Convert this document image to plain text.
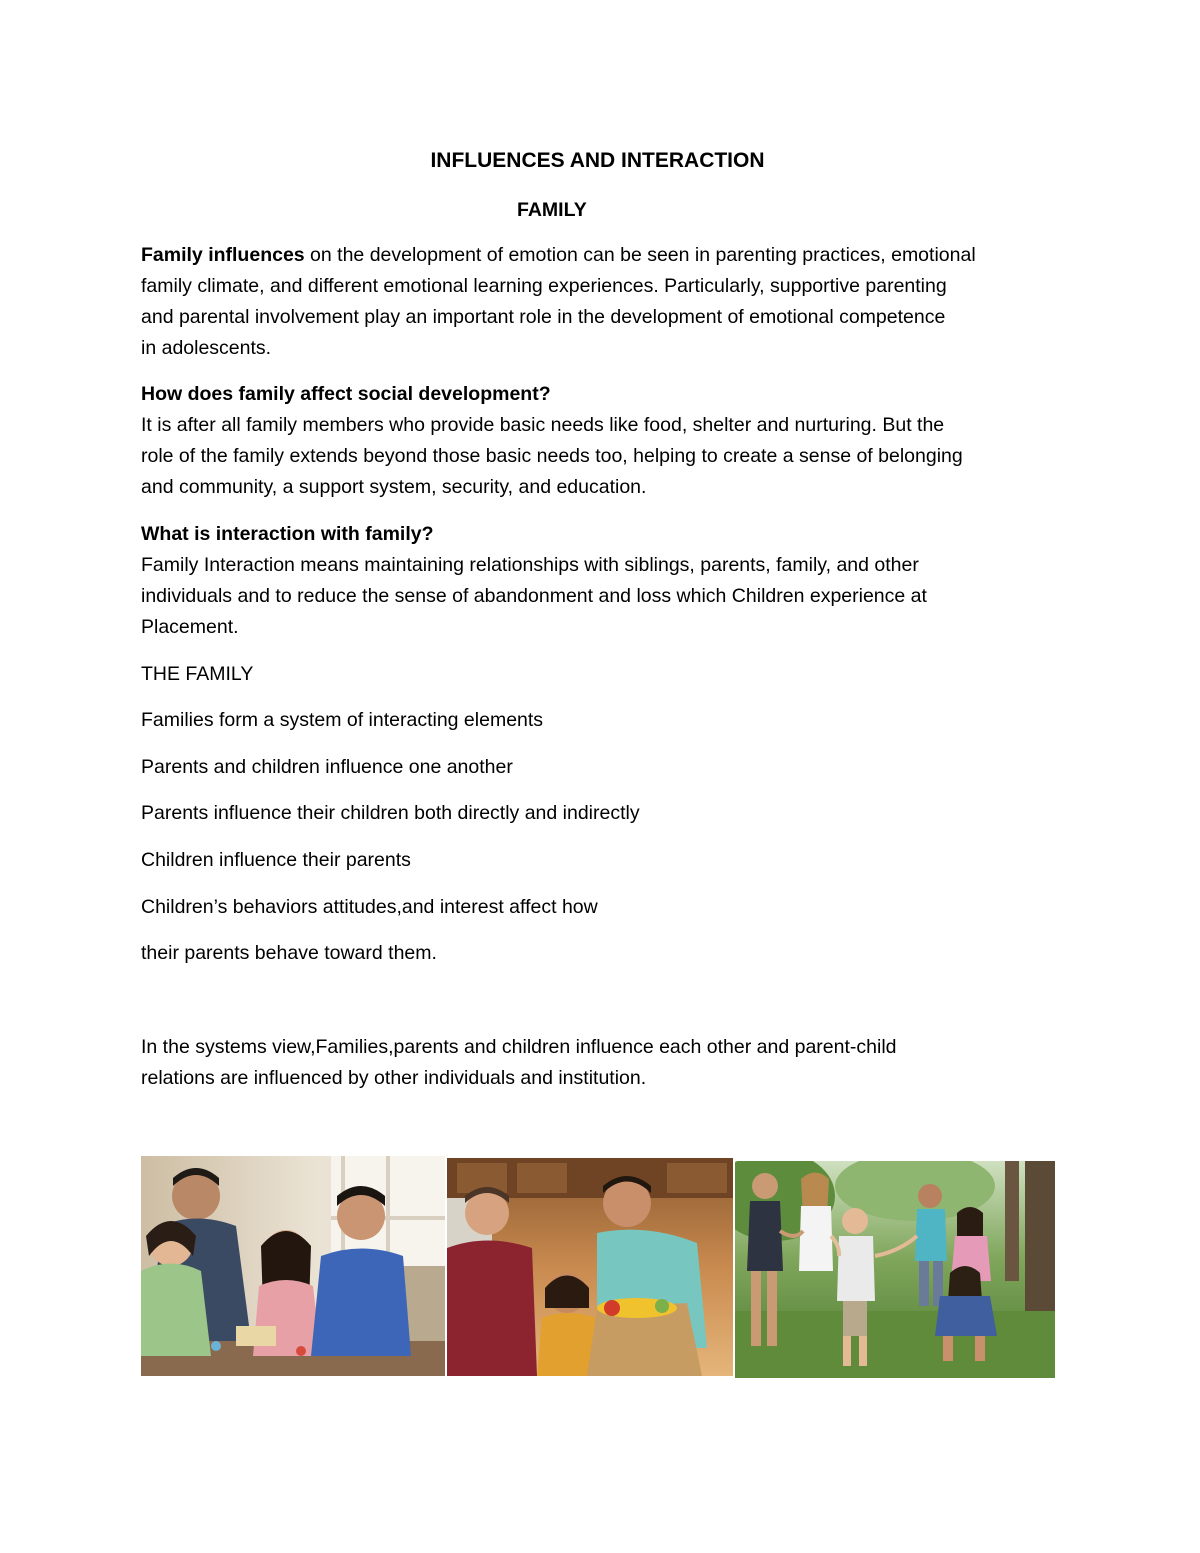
INFLUENCES AND INTERACTION
FAMILY

Family influences on the development of emotion can be seen in parenting practices, emotional

family climate, and different emotional learning experiences. Particularly, supportive parenting

and parental involvement play an important role in the development of emotional competence

in adolescents.

How does family affect social development?

It is after all family members who provide basic needs like food, shelter and nurturing. But the

role of the family extends beyond those basic needs too, helping to create a sense of belonging

and community, a support system, security, and education.

What is interaction with family?

Family Interaction means maintaining relationships with siblings, parents, family, and other

individuals and to reduce the sense of abandonment and loss which Children experience at

Placement.

THE FAMILY

Families form a system of interacting elements

Parents and children influence one another

Parents influence their children both directly and indirectly

Children influence their parents

Children’s behaviors attitudes,and interest affect how

their parents behave toward them.

In the systems view,Families,parents and children influence each other and parent-child

relations are influenced by other individuals and institution.
